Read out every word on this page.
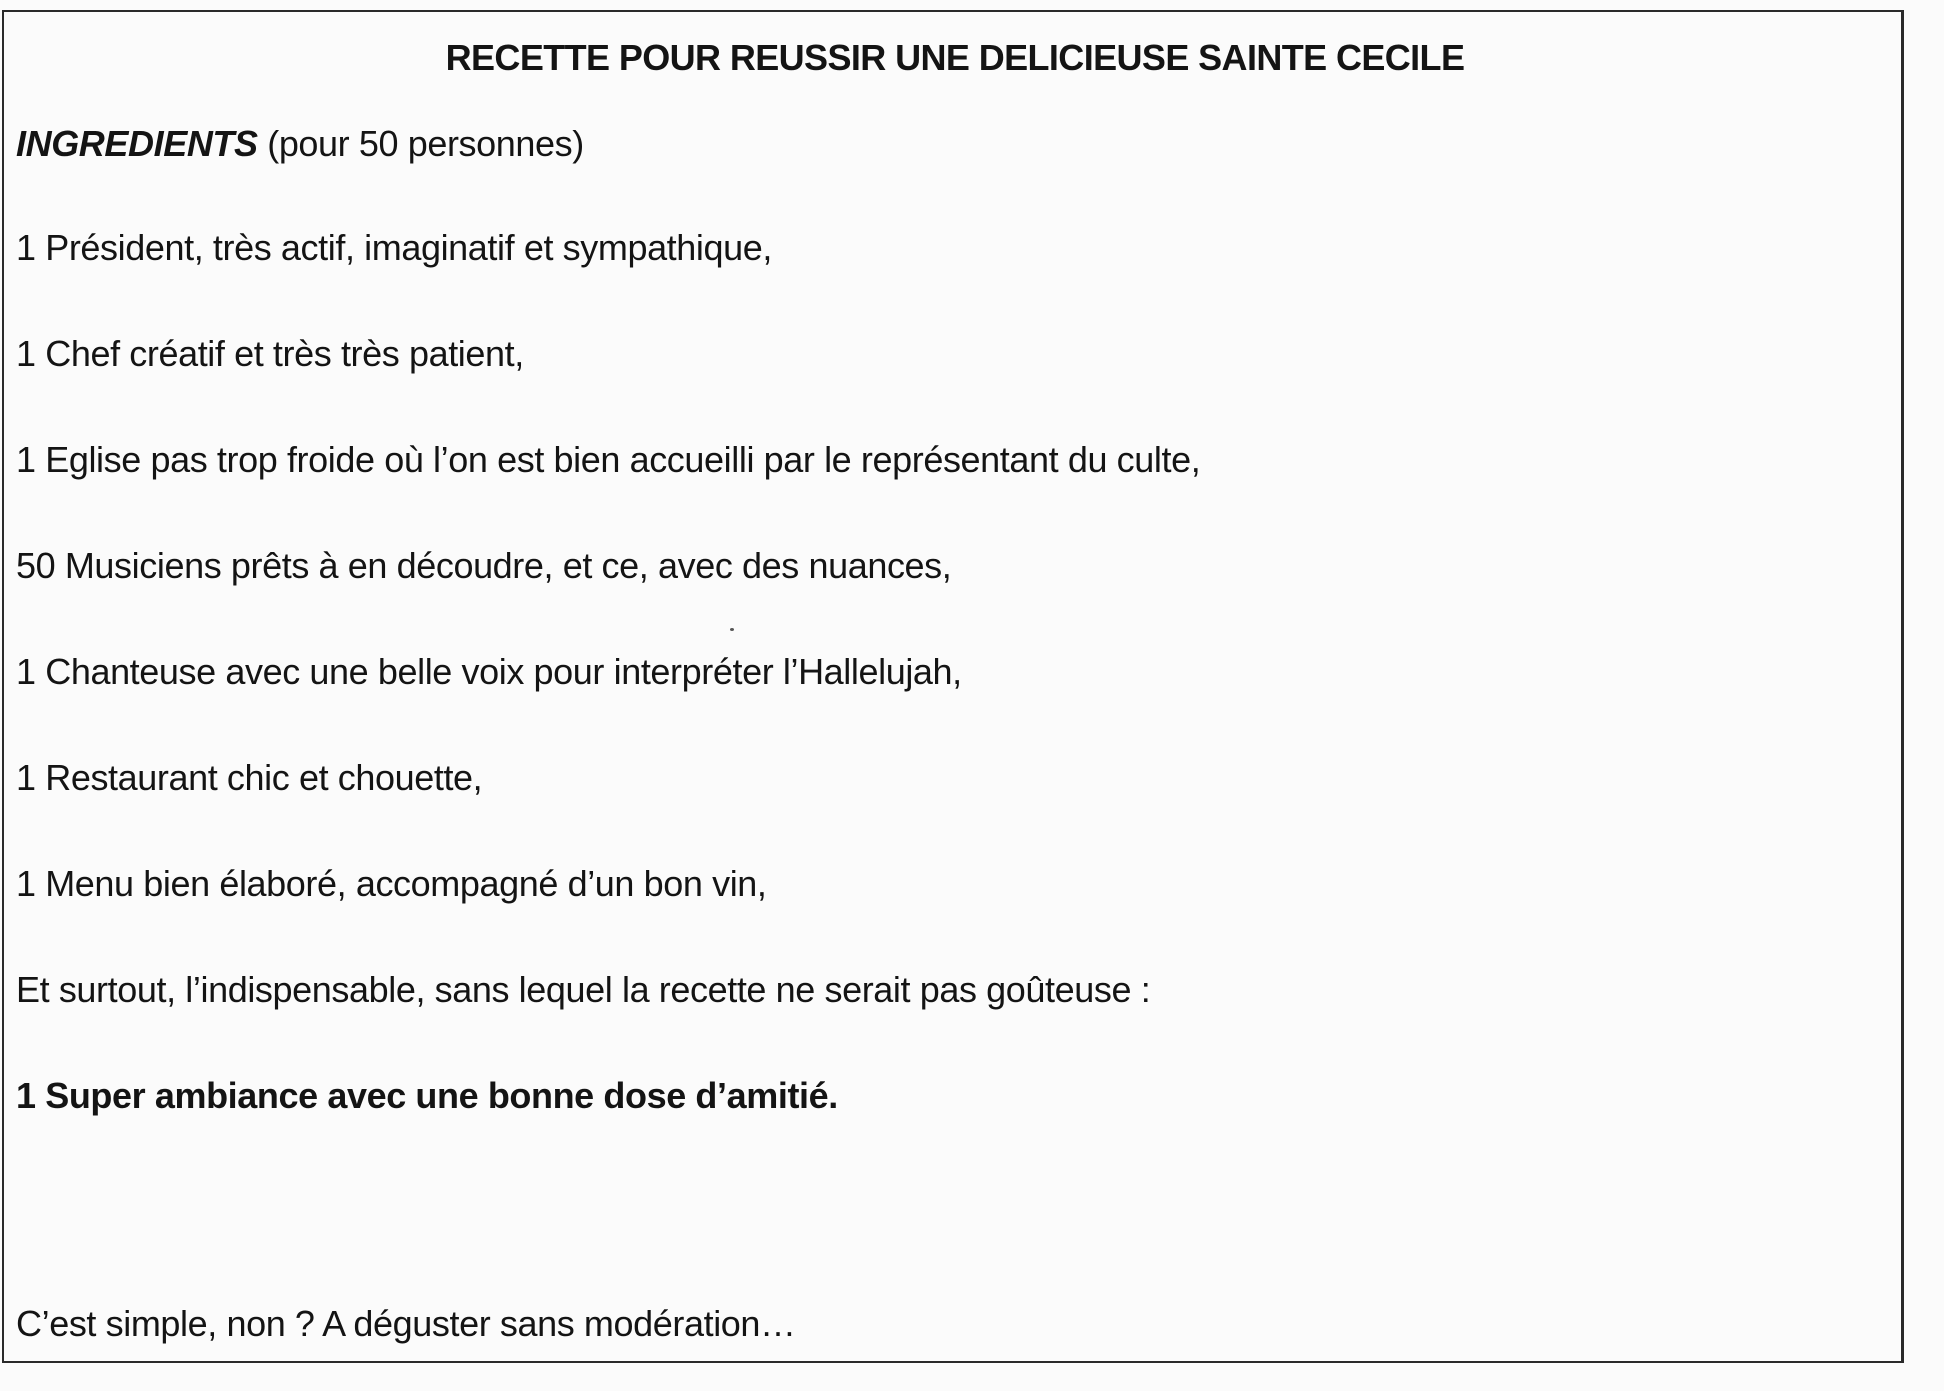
RECETTE POUR REUSSIR UNE DELICIEUSE SAINTE CECILE

INGREDIENTS (pour 50 personnes)

1 Président, très actif, imaginatif et sympathique,

1 Chef créatif et très très patient,

1 Eglise pas trop froide où l’on est bien accueilli par le représentant du culte,

50 Musiciens prêts à en découdre, et ce, avec des nuances,

1 Chanteuse avec une belle voix pour interpréter l’Hallelujah,

1 Restaurant chic et chouette,

1 Menu bien élaboré, accompagné d’un bon vin,

Et surtout, l’indispensable, sans lequel la recette ne serait pas goûteuse :

1 Super ambiance avec une bonne dose d’amitié.

C’est simple, non ? A déguster sans modération…
